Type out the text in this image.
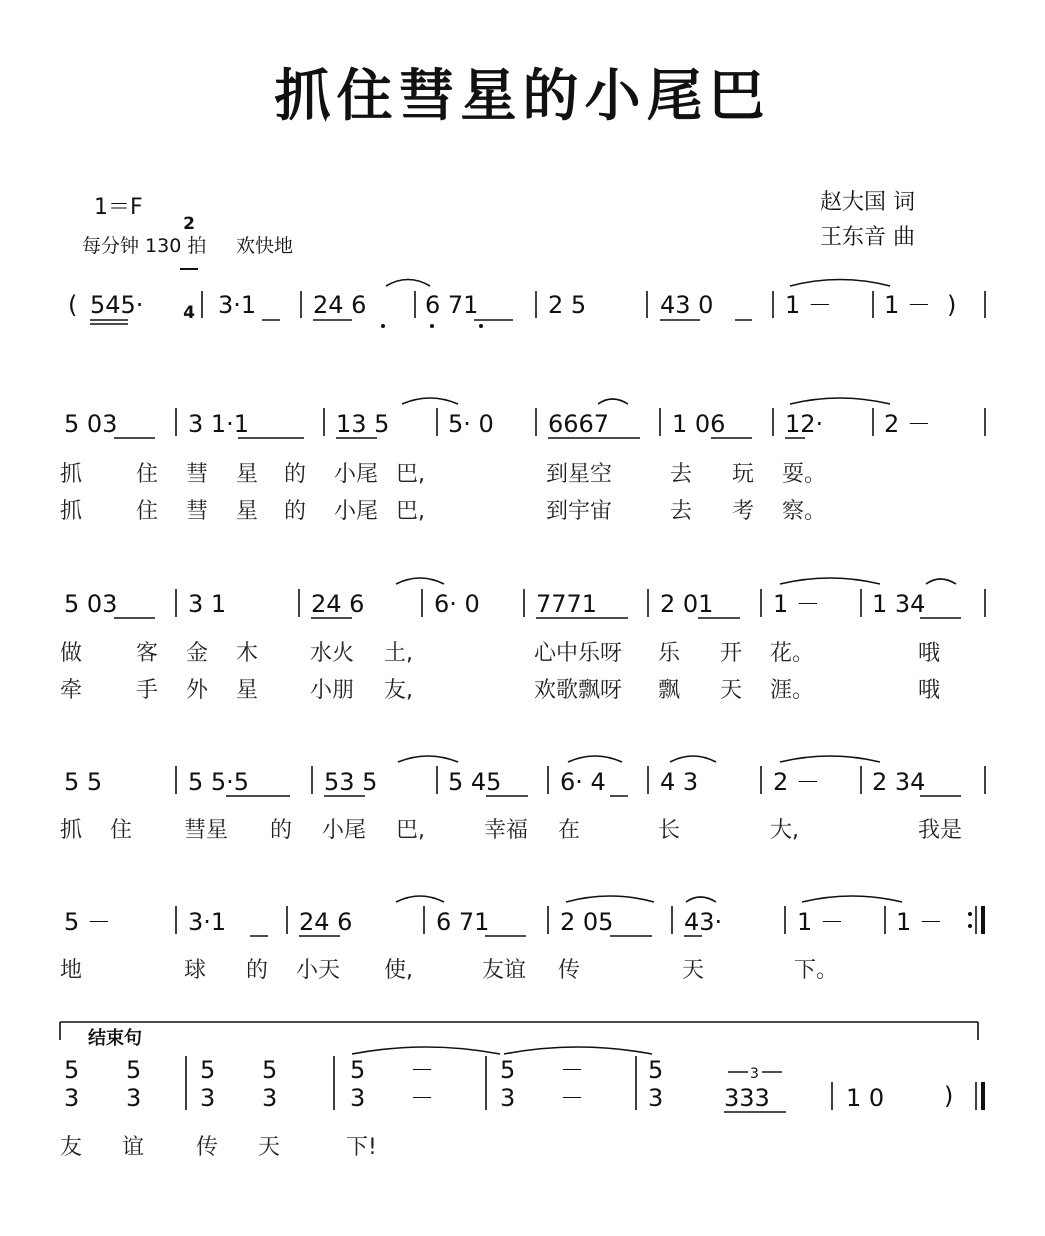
抓住彗星的小尾巴
1＝F

2

4

每分钟 130 拍 欢快地
赵大国 词
王东音 曲
( 545·	3·1 24 6 6 71	2 5	43 0	1 － 1 － )
5 03	3 1·1	13 5 5· 0 6667	1 06 12·	2 －
抓 住 彗 星 的 小尾 巴,	到星空	去 玩 耍。
抓 住 彗 星 的 小尾 巴,	到宇宙	去 考 察。
5 03	3 1	24 6	6· 0 7771	2 01 1 － 1 34
做 客 金 木 水火 土,	心中乐呀 乐 开 花。	哦
牵 手 外 星 小朋 友,	欢歌飘呀 飘 天 涯。	哦
5 5	5 5·5	53 5	5 45 6· 4 4 3	2 － 2 34
抓 住 彗星 的 小尾 巴,	幸福 在	长	大,	我是
5 －	3·1	24 6	6 71	2 05	43·	1 － 1 －
地	球 的 小天 使,	友谊 传	天	下。
结束句
5 5 5 5	5 －	5 －	5
3 3 3 3	3 －	3 －	3
3
333	1 0 )
友 谊 传 天	下!
